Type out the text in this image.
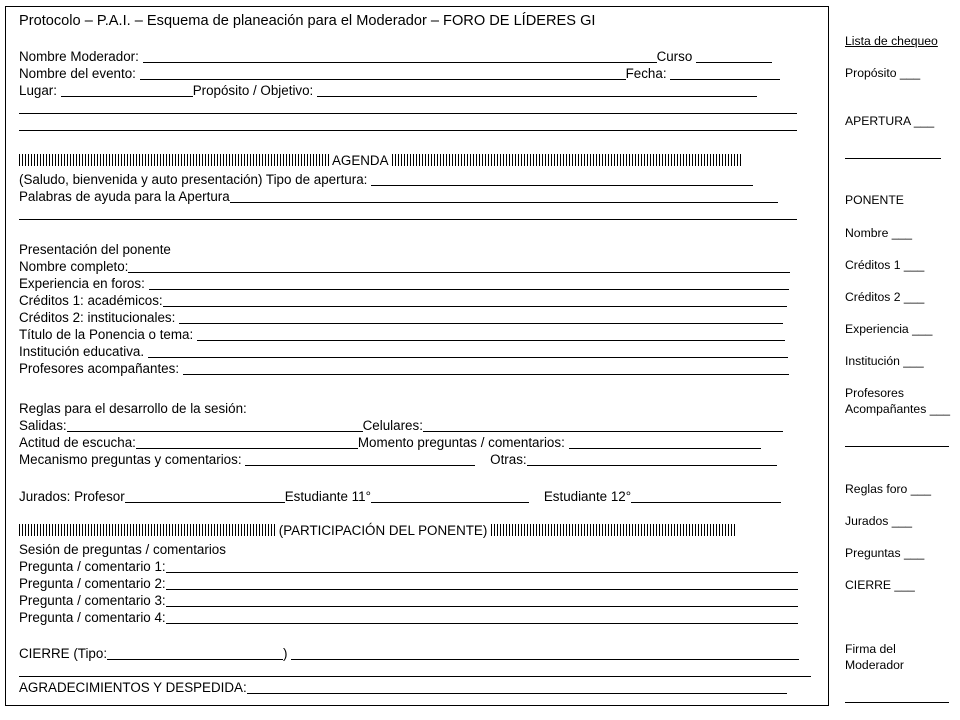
Protocolo – P.A.I. – Esquema de planeación para el Moderador – FORO DE LÍDERES GI
Nombre Moderador:	Curso
Nombre del evento:	Fecha:
Lugar:	Propósito / Objetivo:
AGENDA
(Saludo, bienvenida y auto presentación) Tipo de apertura:
Palabras de ayuda para la Apertura
Presentación del ponente
Nombre completo:
Experiencia en foros:
Créditos 1: académicos:
Créditos 2: institucionales:
Título de la Ponencia o tema:
Institución educativa.
Profesores acompañantes:
Reglas para el desarrollo de la sesión:
Salidas:	Celulares:
Actitud de escucha:	Momento preguntas / comentarios:
Mecanismo preguntas y comentarios:	Otras:
Jurados: Profesor	Estudiante 11°	Estudiante 12°
(PARTICIPACIÓN DEL PONENTE)
Sesión de preguntas / comentarios
Pregunta / comentario 1:
Pregunta / comentario 2:
Pregunta / comentario 3:
Pregunta / comentario 4:
CIERRE (Tipo:	)
AGRADECIMIENTOS Y DESPEDIDA:
Lista de chequeo
Propósito ___
APERTURA ___
PONENTE
Nombre ___
Créditos 1 ___
Créditos 2 ___
Experiencia ___
Institución ___
Profesores
Acompañantes ___
Reglas foro ___
Jurados ___
Preguntas ___
CIERRE ___
Firma del
Moderador
